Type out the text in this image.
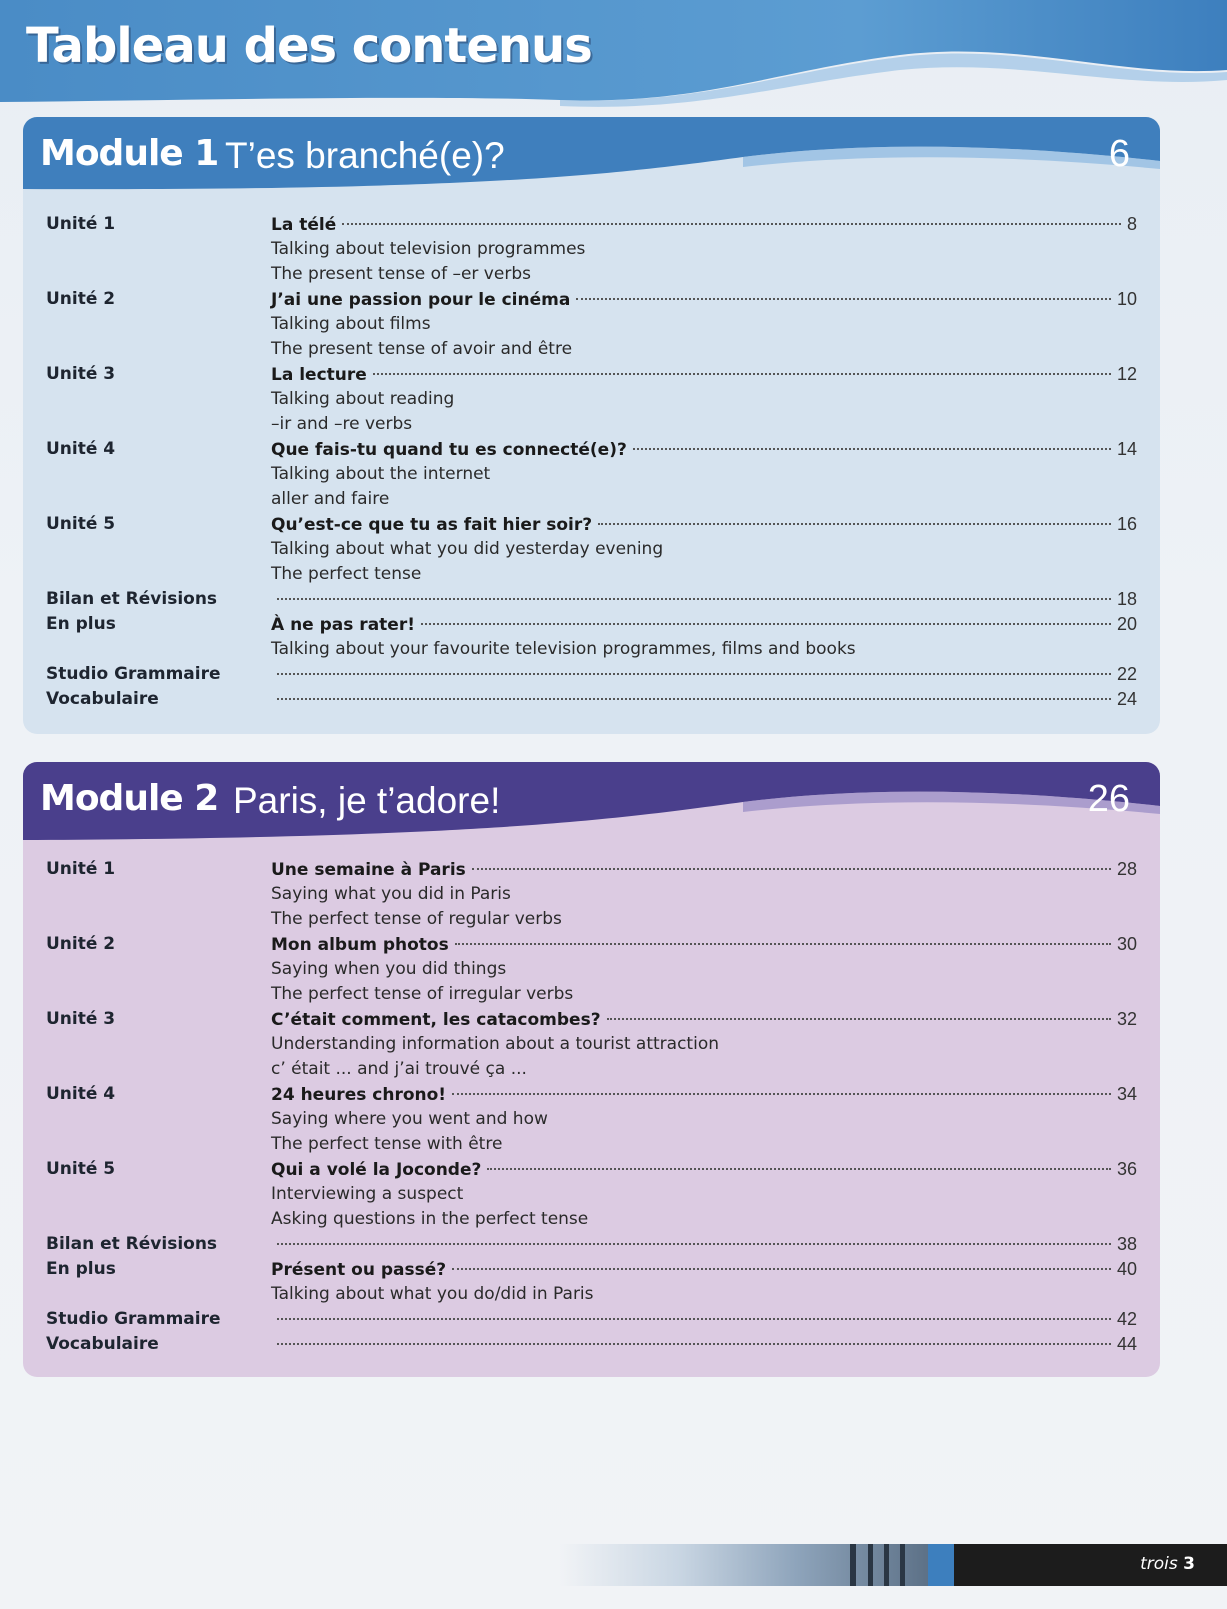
Tableau des contenus
Module 1 T’es branché(e)?	6
Unité 1	La télé	8
Talking about television programmes
The present tense of –er verbs
Unité 2	J’ai une passion pour le cinéma	10
Talking about films
The present tense of avoir and être
Unité 3	La lecture	12
Talking about reading
–ir and –re verbs
Unité 4	Que fais-tu quand tu es connecté(e)?	14
Talking about the internet
aller and faire
Unité 5	Qu’est-ce que tu as fait hier soir?	16
Talking about what you did yesterday evening
The perfect tense
Bilan et Révisions	18
En plus	À ne pas rater!	20
Talking about your favourite television programmes, films and books
Studio Grammaire	22
Vocabulaire	24
Module 2 Paris, je t’adore!	26
Unité 1	Une semaine à Paris	28
Saying what you did in Paris
The perfect tense of regular verbs
Unité 2	Mon album photos	30
Saying when you did things
The perfect tense of irregular verbs
Unité 3	C’était comment, les catacombes?	32
Understanding information about a tourist attraction
c’ était ... and j’ai trouvé ça ...
Unité 4	24 heures chrono!	34
Saying where you went and how
The perfect tense with être
Unité 5	Qui a volé la Joconde?	36
Interviewing a suspect
Asking questions in the perfect tense
Bilan et Révisions	38
En plus	Présent ou passé?	40
Talking about what you do/did in Paris
Studio Grammaire	42
Vocabulaire	44
trois 3
